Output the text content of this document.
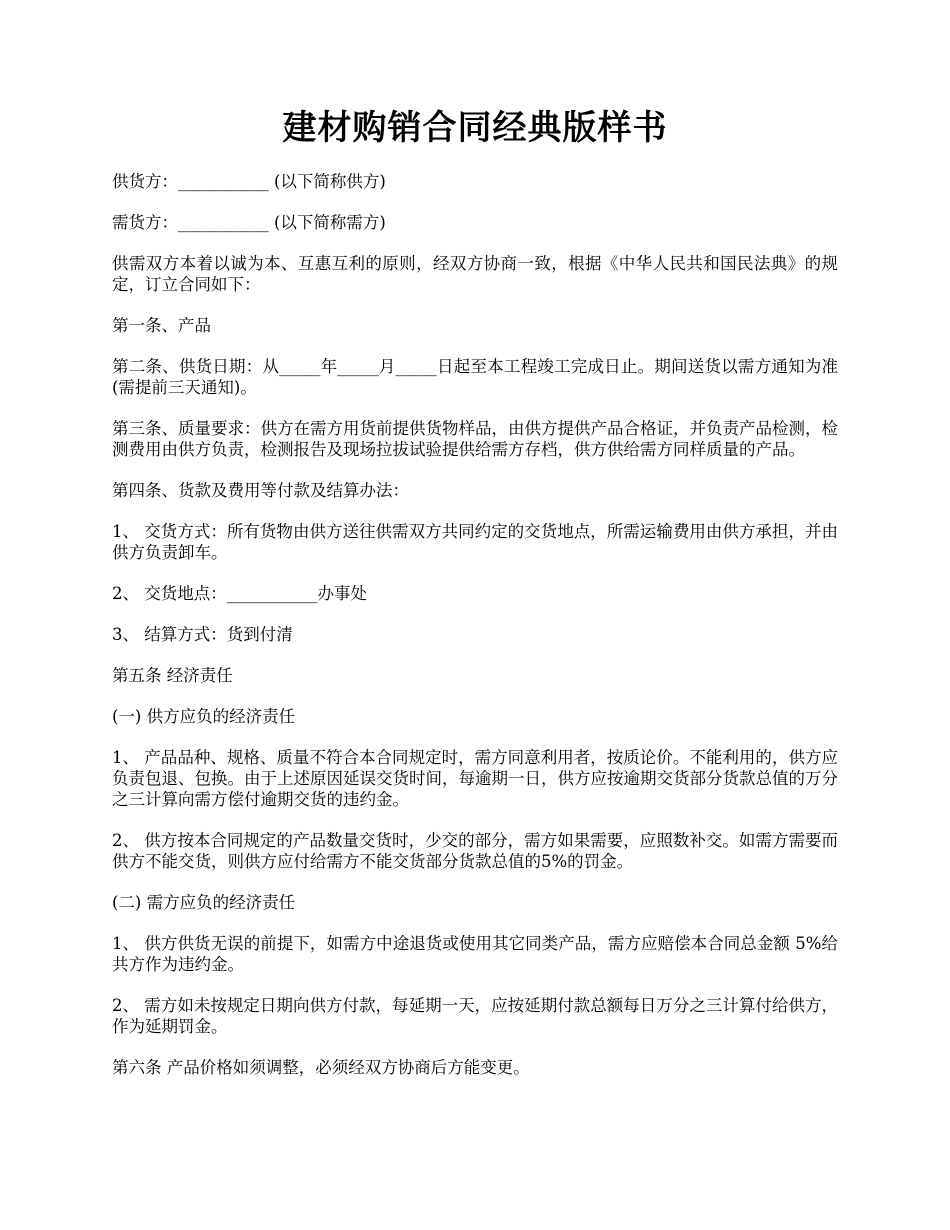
建材购销合同经典版样书

供货方：___________ (以下简称供方)

需货方：___________ (以下简称需方)

供需双方本着以诚为本、互惠互利的原则，经双方协商一致，根据《中华人民共和国民法典》的规定，订立合同如下：

第一条、产品

第二条、供货日期：从_____年_____月_____日起至本工程竣工完成日止。期间送货以需方通知为准(需提前三天通知)。

第三条、质量要求：供方在需方用货前提供货物样品，由供方提供产品合格证，并负责产品检测，检测费用由供方负责，检测报告及现场拉拔试验提供给需方存档，供方供给需方同样质量的产品。

第四条、货款及费用等付款及结算办法：

1、 交货方式：所有货物由供方送往供需双方共同约定的交货地点，所需运输费用由供方承担，并由供方负责卸车。

2、 交货地点：___________办事处

3、 结算方式：货到付清

第五条 经济责任

(一) 供方应负的经济责任

1、 产品品种、规格、质量不符合本合同规定时，需方同意利用者，按质论价。不能利用的，供方应负责包退、包换。由于上述原因延误交货时间，每逾期一日，供方应按逾期交货部分货款总值的万分之三计算向需方偿付逾期交货的违约金。

2、 供方按本合同规定的产品数量交货时，少交的部分，需方如果需要，应照数补交。如需方需要而供方不能交货，则供方应付给需方不能交货部分货款总值的5%的罚金。

(二) 需方应负的经济责任

1、 供方供货无误的前提下，如需方中途退货或使用其它同类产品，需方应赔偿本合同总金额 5%给共方作为违约金。

2、 需方如未按规定日期向供方付款，每延期一天，应按延期付款总额每日万分之三计算付给供方，作为延期罚金。

第六条 产品价格如须调整，必须经双方协商后方能变更。
